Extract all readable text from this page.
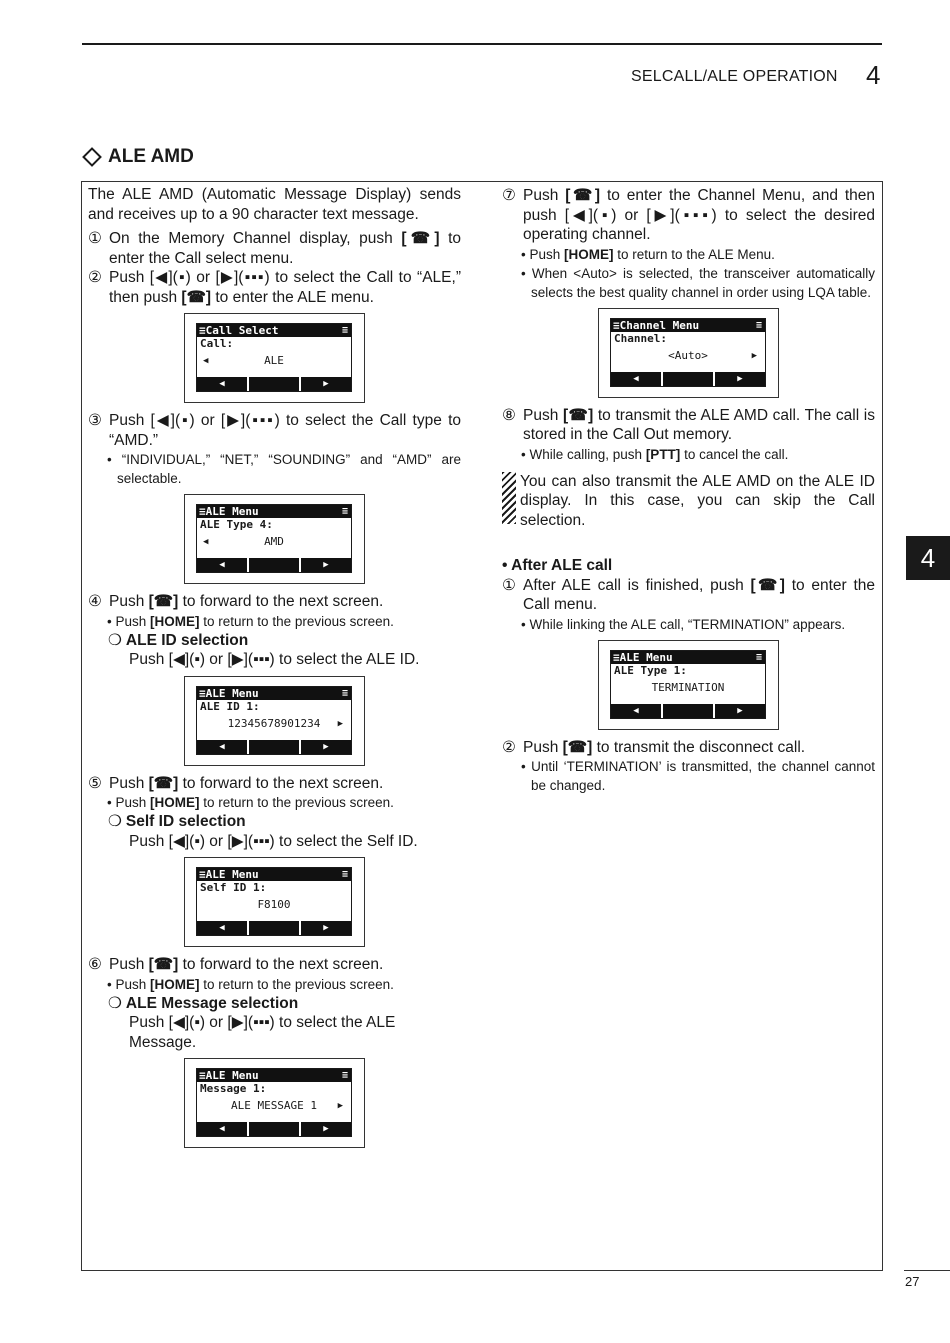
SELCALL/ALE OPERATION 4
ALE AMD
4
27

The ALE AMD (Automatic Message Display) sends and receives up to a 90 character text message.

① On the Memory Channel display, push [☎] to enter the Call select menu.
② Push [◀](▪) or [▶](▪▪▪) to select the Call to “ALE,” then push [☎] to enter the ALE menu.
≡Call Select	≡
Call:
◀	ALE
◀	▶
③ Push [◀](▪) or [▶](▪▪▪) to select the Call type to “AMD.”
• “INDIVIDUAL,” “NET,” “SOUNDING” and “AMD” are selectable.
≡ALE Menu	≡
ALE Type 4:
◀	AMD
◀	▶
④ Push [☎] to forward to the next screen.
• Push [HOME] to return to the previous screen.
❍ ALE ID selection
Push [◀](▪) or [▶](▪▪▪) to select the ALE ID.
≡ALE Menu	≡
ALE ID 1:
12345678901234 ▶
◀	▶
⑤ Push [☎] to forward to the next screen.
• Push [HOME] to return to the previous screen.
❍ Self ID selection
Push [◀](▪) or [▶](▪▪▪) to select the Self ID.
≡ALE Menu	≡
Self ID 1:
F8100
◀	▶
⑥ Push [☎] to forward to the next screen.
• Push [HOME] to return to the previous screen.
❍ ALE Message selection
Push [◀](▪) or [▶](▪▪▪) to select the ALE Message.
≡ALE Menu	≡
Message 1:
ALE MESSAGE 1 ▶
◀	▶
⑦ Push [☎] to enter the Channel Menu, and then push [◀](▪) or [▶](▪▪▪) to select the desired operating channel.
• Push [HOME] to return to the ALE Menu.
• When <Auto> is selected, the transceiver automatically selects the best quality channel in order using LQA table.
≡Channel Menu	≡
Channel:
<Auto>	▶
◀	▶
⑧ Push [☎] to transmit the ALE AMD call. The call is stored in the Call Out memory.
• While calling, push [PTT] to cancel the call.
You can also transmit the ALE AMD on the ALE ID display. In this case, you can skip the Call selection.
• After ALE call
① After ALE call is finished, push [☎] to enter the Call menu.
• While linking the ALE call, “TERMINATION” appears.
≡ALE Menu	≡
ALE Type 1:
TERMINATION
◀	▶
② Push [☎] to transmit the disconnect call.
• Until ‘TERMINATION’ is transmitted, the channel cannot be changed.
